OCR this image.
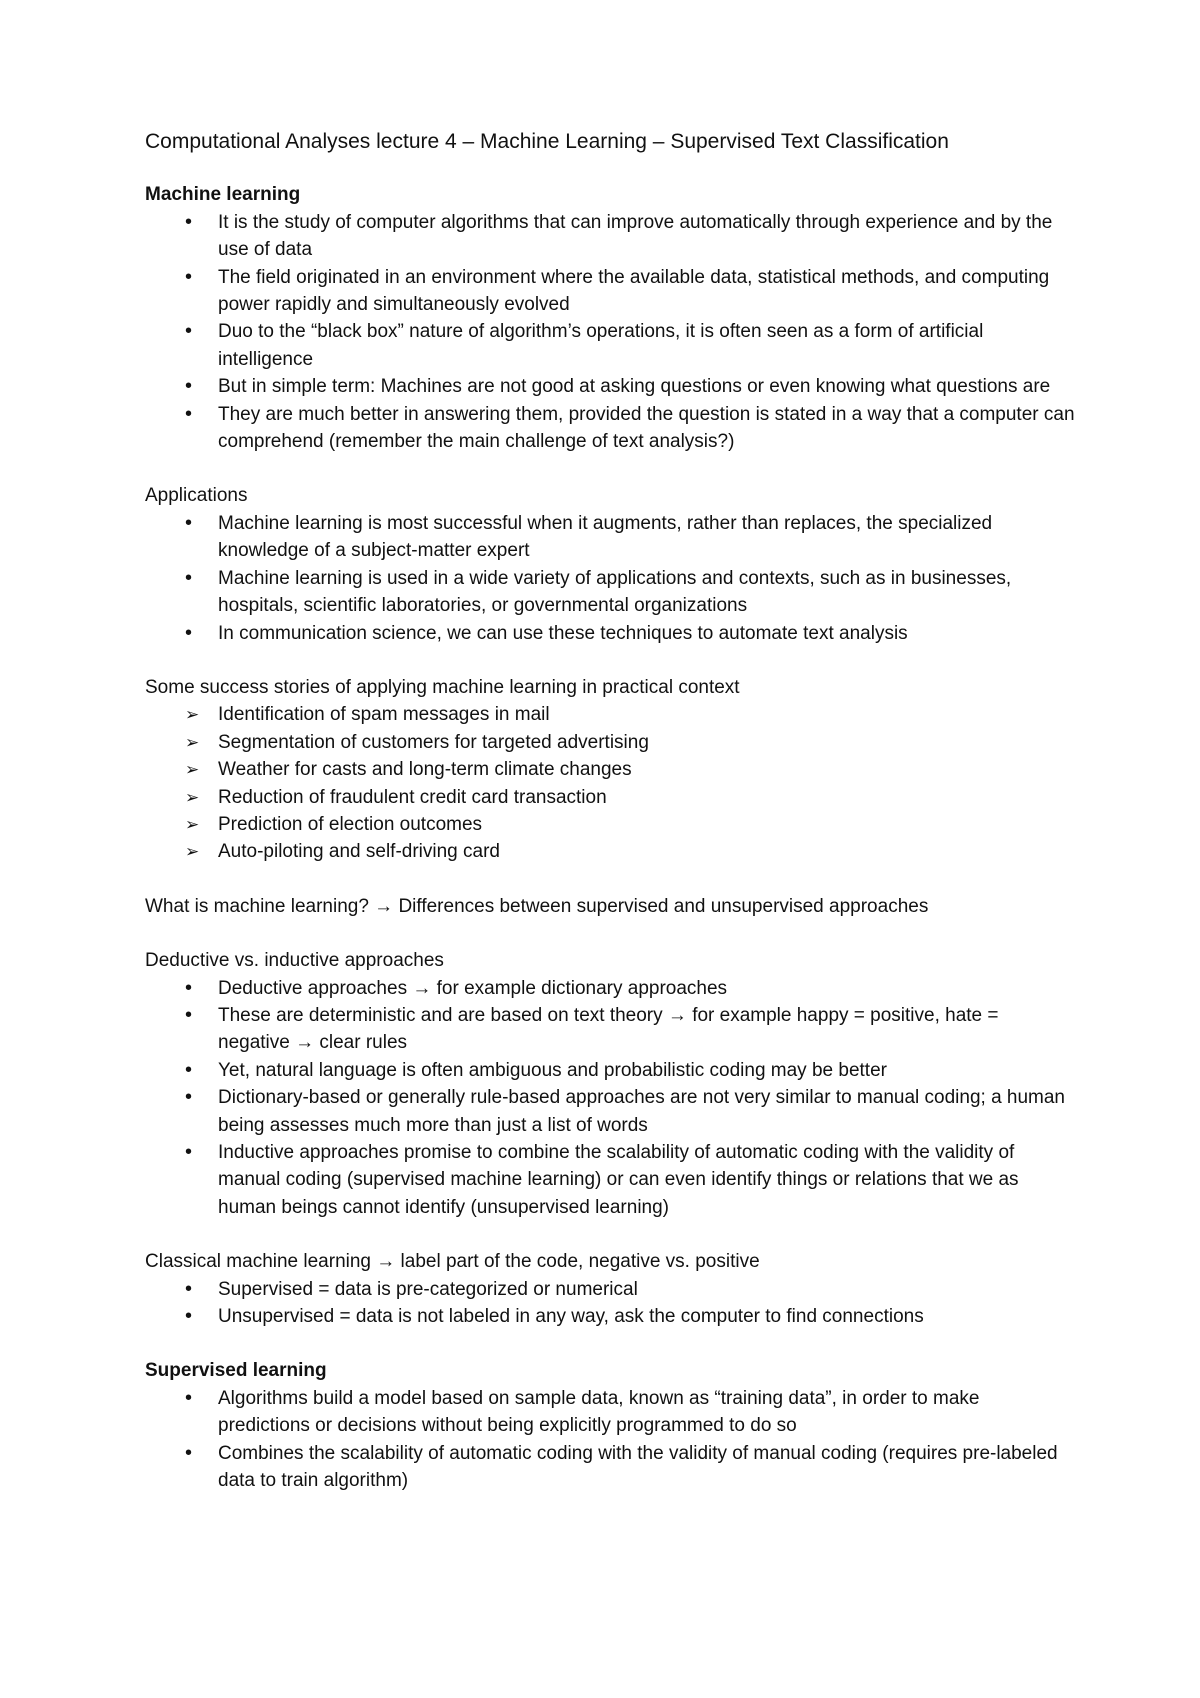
Computational Analyses lecture 4 – Machine Learning – Supervised Text Classification
Machine learning
•
It is the study of computer algorithms that can improve automatically through experience and by the use of data
•
The field originated in an environment where the available data, statistical methods, and computing power rapidly and simultaneously evolved
•
Duo to the “black box” nature of algorithm’s operations, it is often seen as a form of artificial intelligence
•
But in simple term: Machines are not good at asking questions or even knowing what questions are
•
They are much better in answering them, provided the question is stated in a way that a computer can comprehend (remember the main challenge of text analysis?)
Applications
•
Machine learning is most successful when it augments, rather than replaces, the specialized knowledge of a subject-matter expert
•
Machine learning is used in a wide variety of applications and contexts, such as in businesses, hospitals, scientific laboratories, or governmental organizations
•
In communication science, we can use these techniques to automate text analysis
Some success stories of applying machine learning in practical context
➢
Identification of spam messages in mail
➢
Segmentation of customers for targeted advertising
➢
Weather for casts and long-term climate changes
➢
Reduction of fraudulent credit card transaction
➢
Prediction of election outcomes
➢
Auto-piloting and self-driving card
What is machine learning? → Differences between supervised and unsupervised approaches
Deductive vs. inductive approaches
•
Deductive approaches → for example dictionary approaches
•
These are deterministic and are based on text theory → for example happy = positive, hate = negative → clear rules
•
Yet, natural language is often ambiguous and probabilistic coding may be better
•
Dictionary-based or generally rule-based approaches are not very similar to manual coding; a human being assesses much more than just a list of words
•
Inductive approaches promise to combine the scalability of automatic coding with the validity of manual coding (supervised machine learning) or can even identify things or relations that we as human beings cannot identify (unsupervised learning)
Classical machine learning → label part of the code, negative vs. positive
•
Supervised = data is pre-categorized or numerical
•
Unsupervised = data is not labeled in any way, ask the computer to find connections
Supervised learning
•
Algorithms build a model based on sample data, known as “training data”, in order to make predictions or decisions without being explicitly programmed to do so
•
Combines the scalability of automatic coding with the validity of manual coding (requires pre-labeled data to train algorithm)
